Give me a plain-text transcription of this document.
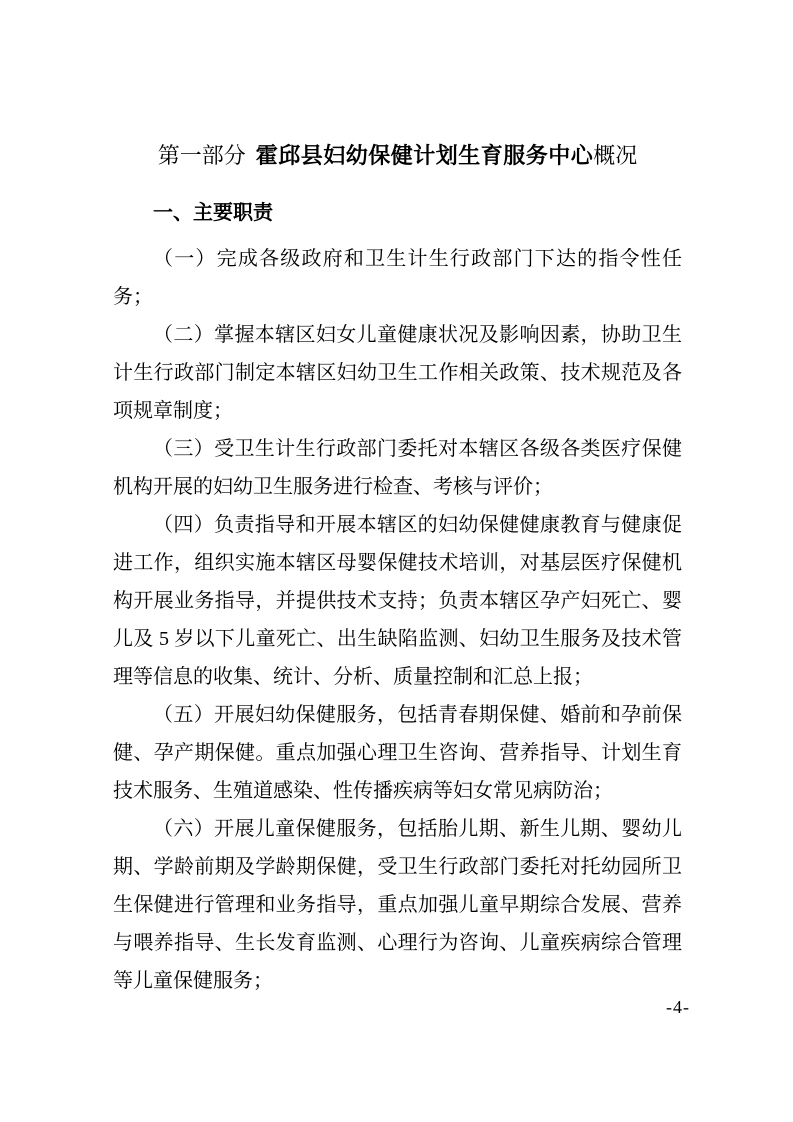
第一部分 霍邱县妇幼保健计划生育服务中心概况
一、主要职责

（一）完成各级政府和卫生计生行政部门下达的指令性任务；

（二）掌握本辖区妇女儿童健康状况及影响因素，协助卫生计生行政部门制定本辖区妇幼卫生工作相关政策、技术规范及各项规章制度；

（三）受卫生计生行政部门委托对本辖区各级各类医疗保健机构开展的妇幼卫生服务进行检查、考核与评价；

（四）负责指导和开展本辖区的妇幼保健健康教育与健康促进工作，组织实施本辖区母婴保健技术培训，对基层医疗保健机构开展业务指导，并提供技术支持；负责本辖区孕产妇死亡、婴儿及 5 岁以下儿童死亡、出生缺陷监测、妇幼卫生服务及技术管理等信息的收集、统计、分析、质量控制和汇总上报；

（五）开展妇幼保健服务，包括青春期保健、婚前和孕前保健、孕产期保健。重点加强心理卫生咨询、营养指导、计划生育技术服务、生殖道感染、性传播疾病等妇女常见病防治；

（六）开展儿童保健服务，包括胎儿期、新生儿期、婴幼儿期、学龄前期及学龄期保健，受卫生行政部门委托对托幼园所卫生保健进行管理和业务指导，重点加强儿童早期综合发展、营养与喂养指导、生长发育监测、心理行为咨询、儿童疾病综合管理等儿童保健服务；

-4-
